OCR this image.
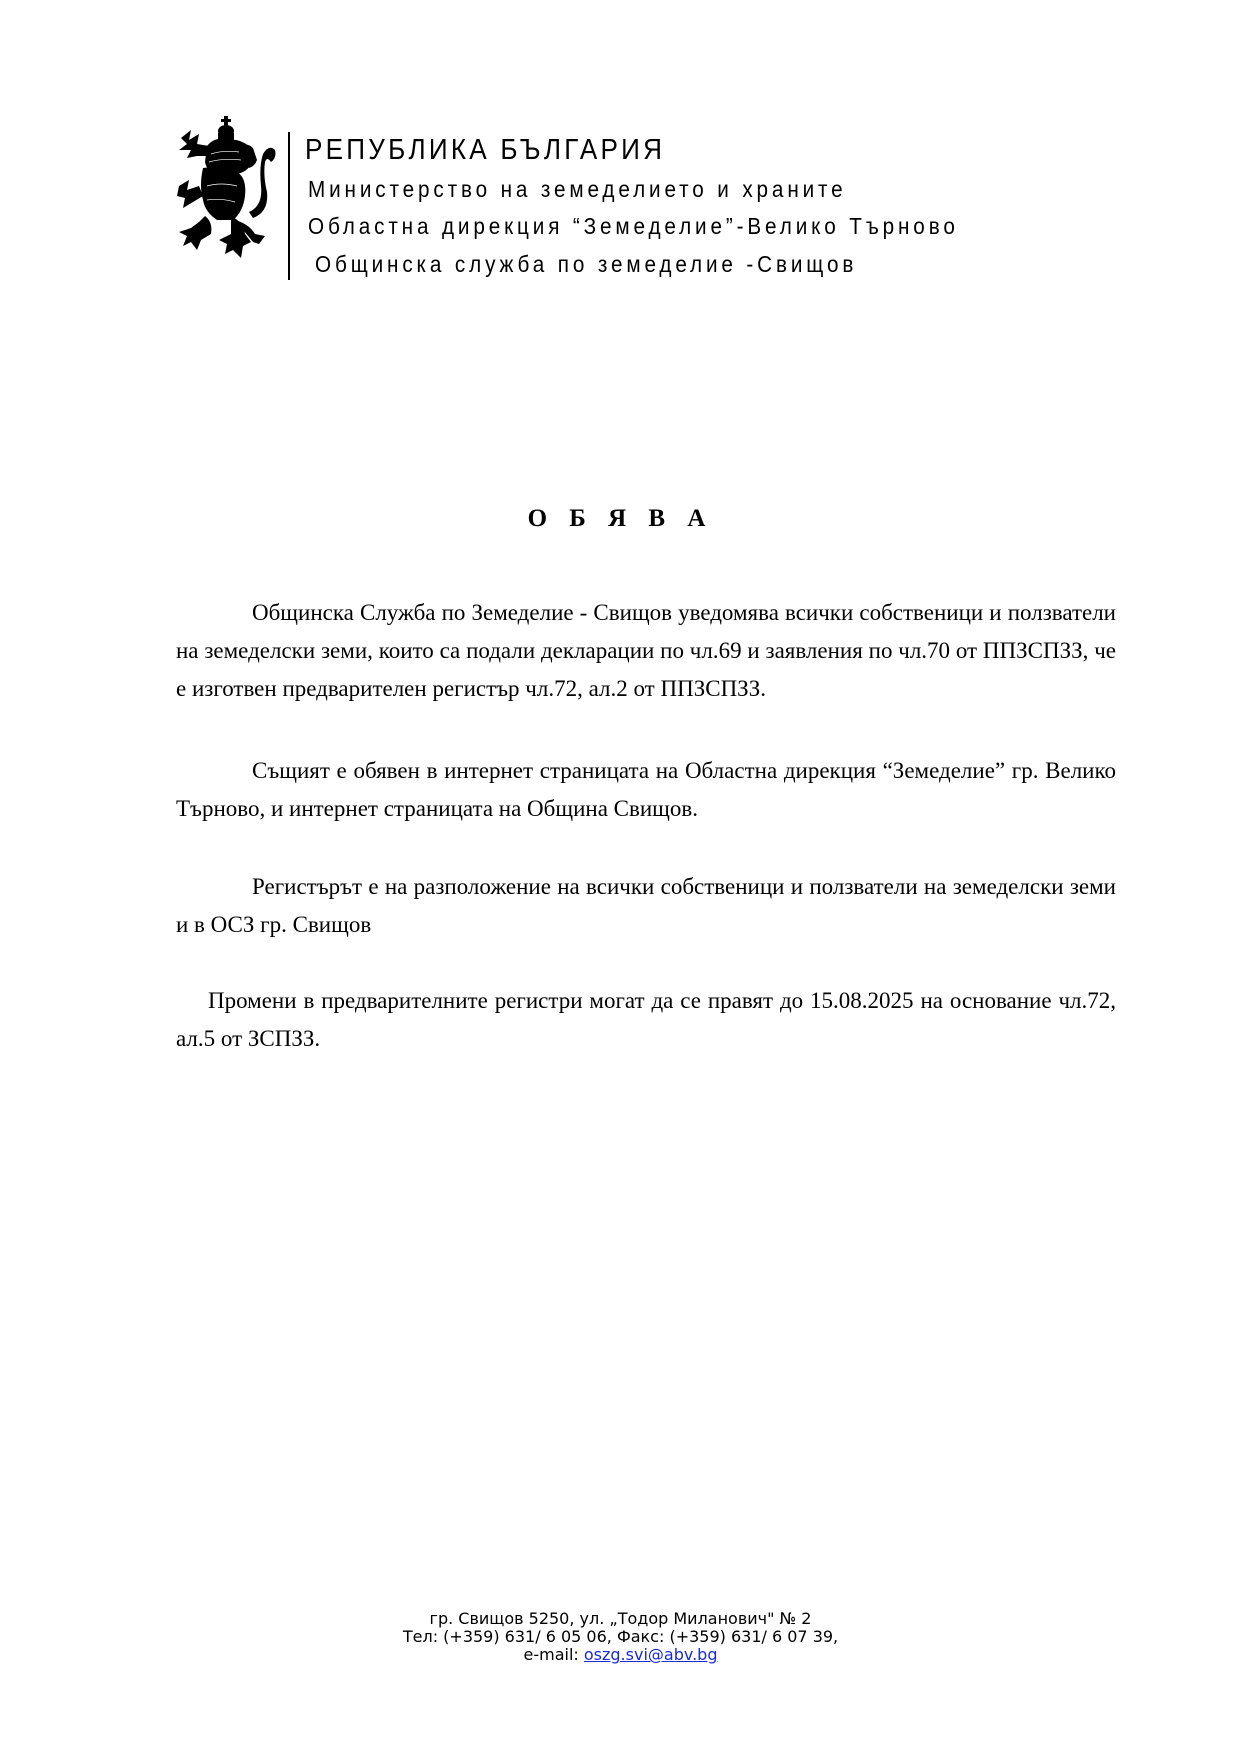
РЕПУБЛИКА БЪЛГАРИЯ
Министерство на земеделието и храните
Областна дирекция “Земеделие”-Велико Търново
Общинска служба по земеделие -Свищов
О Б Я В А

Общинска Служба по Земеделие - Свищов уведомява всички собственици и ползватели на земеделски земи, които са подали декларации по чл.69 и заявления по чл.70 от ППЗСПЗЗ, че е изготвен предварителен регистър чл.72, ал.2 от ППЗСПЗЗ.

Същият е обявен в интернет страницата на Областна дирекция “Земеделие” гр. Велико Търново, и интернет страницата на Община Свищов.

Регистърът е на разположение на всички собственици и ползватели на земеделски земи и в ОСЗ гр. Свищов

Промени в предварителните регистри могат да се правят до 15.08.2025 на основание чл.72, ал.5 от ЗСПЗЗ.

гр. Свищов 5250, ул. „Тодор Миланович" № 2
Тел: (+359) 631/ 6 05 06, Факс: (+359) 631/ 6 07 39,
e-mail: oszg.svi@abv.bg
